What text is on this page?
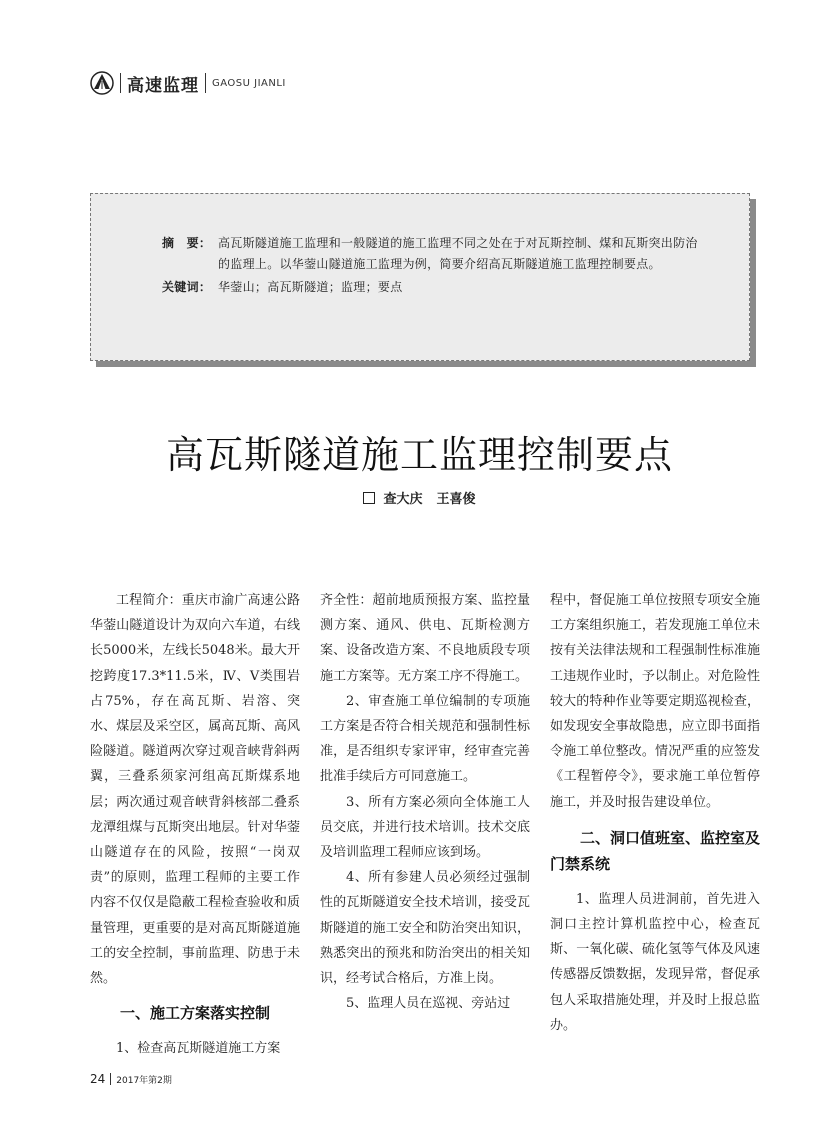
高速监理 GAOSU JIANLI
摘　要： 高瓦斯隧道施工监理和一般隧道的施工监理不同之处在于对瓦斯控制、煤和瓦斯突出防治的监理上。以华蓥山隧道施工监理为例，简要介绍高瓦斯隧道施工监理控制要点。
关键词： 华蓥山；高瓦斯隧道；监理；要点
高瓦斯隧道施工监理控制要点
查大庆 王喜俊

工程简介：重庆市渝广高速公路华蓥山隧道设计为双向六车道，右线长5000米，左线长5048米。最大开挖跨度17.3*11.5米，Ⅳ、Ⅴ类围岩占75%，存在高瓦斯、岩溶、突水、煤层及采空区，属高瓦斯、高风险隧道。隧道两次穿过观音峡背斜两翼，三叠系须家河组高瓦斯煤系地层；两次通过观音峡背斜核部二叠系龙潭组煤与瓦斯突出地层。针对华蓥山隧道存在的风险，按照“一岗双责”的原则，监理工程师的主要工作内容不仅仅是隐蔽工程检查验收和质量管理，更重要的是对高瓦斯隧道施工的安全控制，事前监理、防患于未然。

一、施工方案落实控制

1、检查高瓦斯隧道施工方案

齐全性：超前地质预报方案、监控量测方案、通风、供电、瓦斯检测方案、设备改造方案、不良地质段专项施工方案等。无方案工序不得施工。

2、审查施工单位编制的专项施工方案是否符合相关规范和强制性标准，是否组织专家评审，经审查完善批准手续后方可同意施工。

3、所有方案必须向全体施工人员交底，并进行技术培训。技术交底及培训监理工程师应该到场。

4、所有参建人员必须经过强制性的瓦斯隧道安全技术培训，接受瓦斯隧道的施工安全和防治突出知识，熟悉突出的预兆和防治突出的相关知识，经考试合格后，方准上岗。

5、监理人员在巡视、旁站过

程中，督促施工单位按照专项安全施工方案组织施工，若发现施工单位未按有关法律法规和工程强制性标准施工违规作业时，予以制止。对危险性较大的特种作业等要定期巡视检查，如发现安全事故隐患，应立即书面指令施工单位整改。情况严重的应签发《工程暂停令》，要求施工单位暂停施工，并及时报告建设单位。

二、洞口值班室、监控室及门禁系统

1、监理人员进洞前，首先进入洞口主控计算机监控中心，检查瓦斯、一氧化碳、硫化氢等气体及风速传感器反馈数据，发现异常，督促承包人采取措施处理，并及时上报总监办。

24 2017年第2期
